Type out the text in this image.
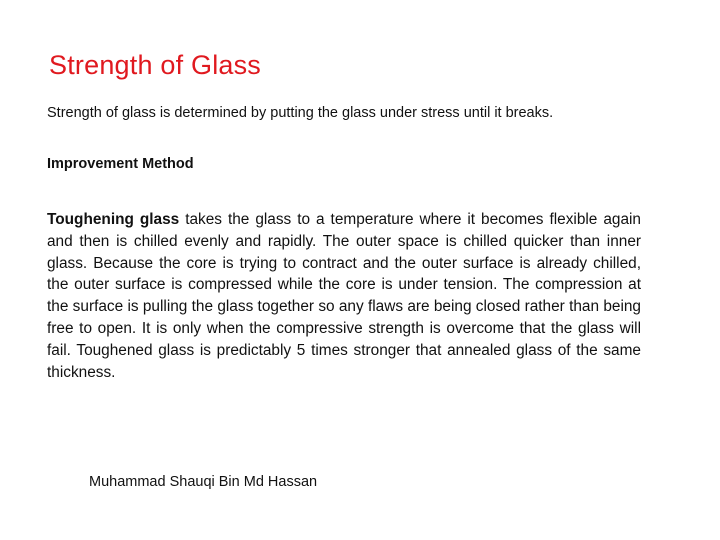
Strength of Glass
Strength of glass is determined by putting the glass under stress until it breaks.
Improvement Method

Toughening glass takes the glass to a temperature where it becomes flexible again and then is chilled evenly and rapidly. The outer space is chilled quicker than inner glass. Because the core is trying to contract and the outer surface is already chilled, the outer surface is compressed while the core is under tension. The compression at the surface is pulling the glass together so any flaws are being closed rather than being free to open. It is only when the compressive strength is overcome that the glass will fail. Toughened glass is predictably 5 times stronger that annealed glass of the same thickness.

Muhammad Shauqi Bin Md Hassan
